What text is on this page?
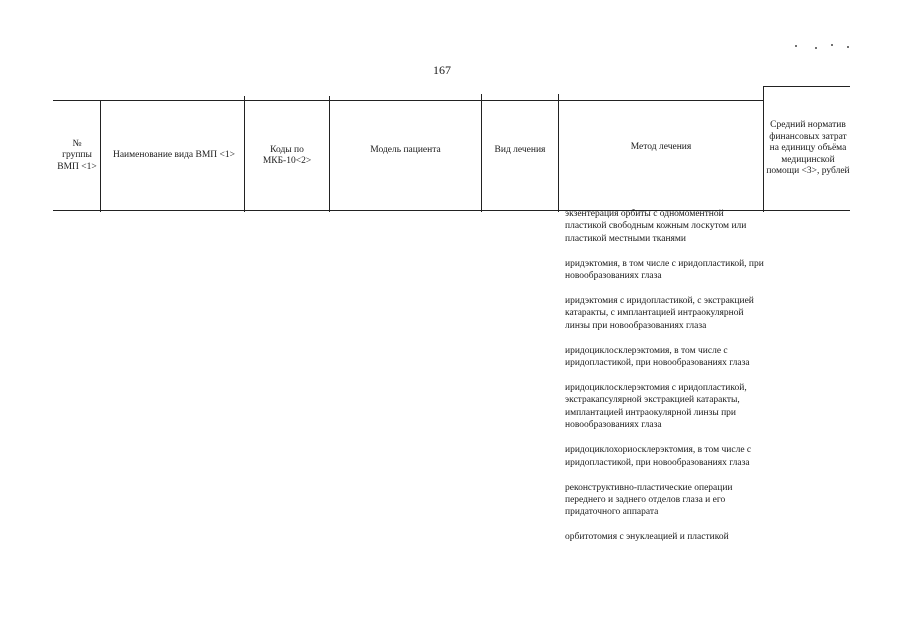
167
№ группы ВМП <1>
Наименование вида ВМП <1>
Коды по МКБ-10<2>
Модель пациента	Вид лечения	Метод лечения
Средний норматив финансовых затрат на единицу объёма медицинской помощи <3>, рублей
экзентерация орбиты с одномоментной пластикой свободным кожным лоскутом или пластикой местными тканями
иридэктомия, в том числе с иридопластикой, при новообразованиях глаза
иридэктомия с иридопластикой, с экстракцией катаракты, с имплантацией интраокулярной линзы при новообразованиях глаза
иридоциклосклерэктомия, в том числе с иридопластикой, при новообразованиях глаза
иридоциклосклерэктомия с иридопластикой, экстракапсулярной экстракцией катаракты, имплантацией интраокулярной линзы при новообразованиях глаза
иридоциклохориосклерэктомия, в том числе с иридопластикой, при новообразованиях глаза
реконструктивно-пластические операции переднего и заднего отделов глаза и его придаточного аппарата
орбитотомия с энуклеацией и пластикой
